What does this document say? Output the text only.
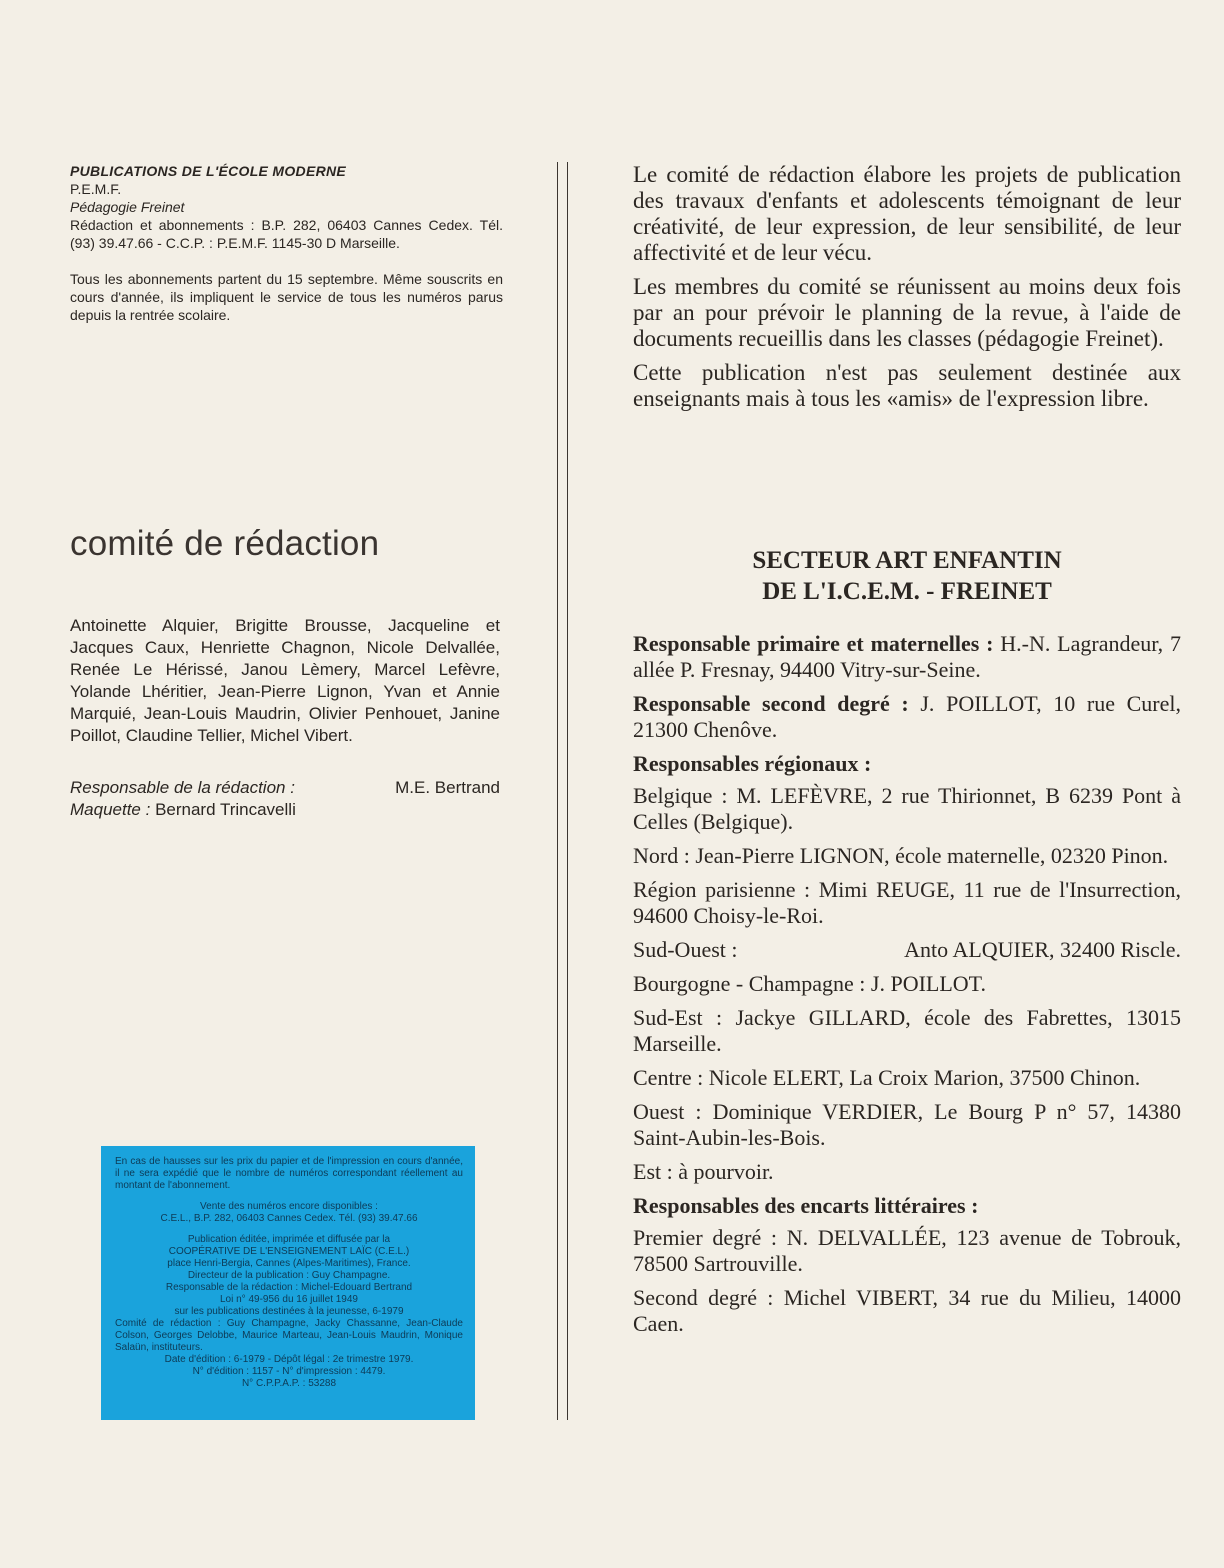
PUBLICATIONS DE L'ÉCOLE MODERNE

P.E.M.F.

Pédagogie Freinet

Rédaction et abonnements : B.P. 282, 06403 Cannes Cedex. Tél. (93) 39.47.66 - C.C.P. : P.E.M.F. 1145-30 D Marseille.

Tous les abonnements partent du 15 septembre. Même souscrits en cours d'année, ils impliquent le service de tous les numéros parus depuis la rentrée scolaire.

comité de rédaction

Antoinette Alquier, Brigitte Brousse, Jacqueline et Jacques Caux, Henriette Chagnon, Nicole Delvallée, Renée Le Hérissé, Janou Lèmery, Marcel Lefèvre, Yolande Lhéritier, Jean-Pierre Lignon, Yvan et Annie Marquié, Jean-Louis Maudrin, Olivier Penhouet, Janine Poillot, Claudine Tellier, Michel Vibert.

Responsable de la rédaction :	M.E. Bertrand
Maquette :
Bernard Trincavelli

En cas de hausses sur les prix du papier et de l'impression en cours d'année, il ne sera expédié que le nombre de numéros correspondant réellement au montant de l'abonnement.

Vente des numéros encore disponibles :

C.E.L., B.P. 282, 06403 Cannes Cedex. Tél. (93) 39.47.66

Publication éditée, imprimée et diffusée par la

COOPÉRATIVE DE L'ENSEIGNEMENT LAÏC (C.E.L.)

place Henri-Bergia, Cannes (Alpes-Maritimes), France.

Directeur de la publication : Guy Champagne.

Responsable de la rédaction : Michel-Edouard Bertrand

Loi n° 49-956 du 16 juillet 1949

sur les publications destinées à la jeunesse, 6-1979

Comité de rédaction : Guy Champagne, Jacky Chassanne, Jean-Claude Colson, Georges Delobbe, Maurice Marteau, Jean-Louis Maudrin, Monique Salaün, instituteurs.

Date d'édition : 6-1979 - Dépôt légal : 2e trimestre 1979.

N° d'édition : 1157 - N° d'impression : 4479.

N° C.P.P.A.P. : 53288

Le comité de rédaction élabore les projets de publication des travaux d'enfants et adolescents témoignant de leur créativité, de leur expression, de leur sensibilité, de leur affectivité et de leur vécu.

Les membres du comité se réunissent au moins deux fois par an pour prévoir le planning de la revue, à l'aide de documents recueillis dans les classes (pédagogie Freinet).

Cette publication n'est pas seulement destinée aux enseignants mais à tous les «amis» de l'expression libre.

SECTEUR ART ENFANTIN
DE L'I.C.E.M. - FREINET

Responsable primaire et maternelles : H.-N. Lagrandeur, 7 allée P. Fresnay, 94400 Vitry-sur-Seine.

Responsable second degré : J. POILLOT, 10 rue Curel, 21300 Chenôve.

Responsables régionaux :

Belgique : M. LEFÈVRE, 2 rue Thirionnet, B 6239 Pont à Celles (Belgique).

Nord : Jean-Pierre LIGNON, école maternelle, 02320 Pinon.

Région parisienne : Mimi REUGE, 11 rue de l'Insurrection, 94600 Choisy-le-Roi.

Sud-Ouest :	Anto ALQUIER, 32400 Riscle.

Bourgogne - Champagne : J. POILLOT.

Sud-Est : Jackye GILLARD, école des Fabrettes, 13015 Marseille.

Centre : Nicole ELERT, La Croix Marion, 37500 Chinon.

Ouest : Dominique VERDIER, Le Bourg P n° 57, 14380 Saint-Aubin-les-Bois.

Est : à pourvoir.

Responsables des encarts littéraires :

Premier degré : N. DELVALLÉE, 123 avenue de Tobrouk, 78500 Sartrouville.

Second degré : Michel VIBERT, 34 rue du Milieu, 14000 Caen.
